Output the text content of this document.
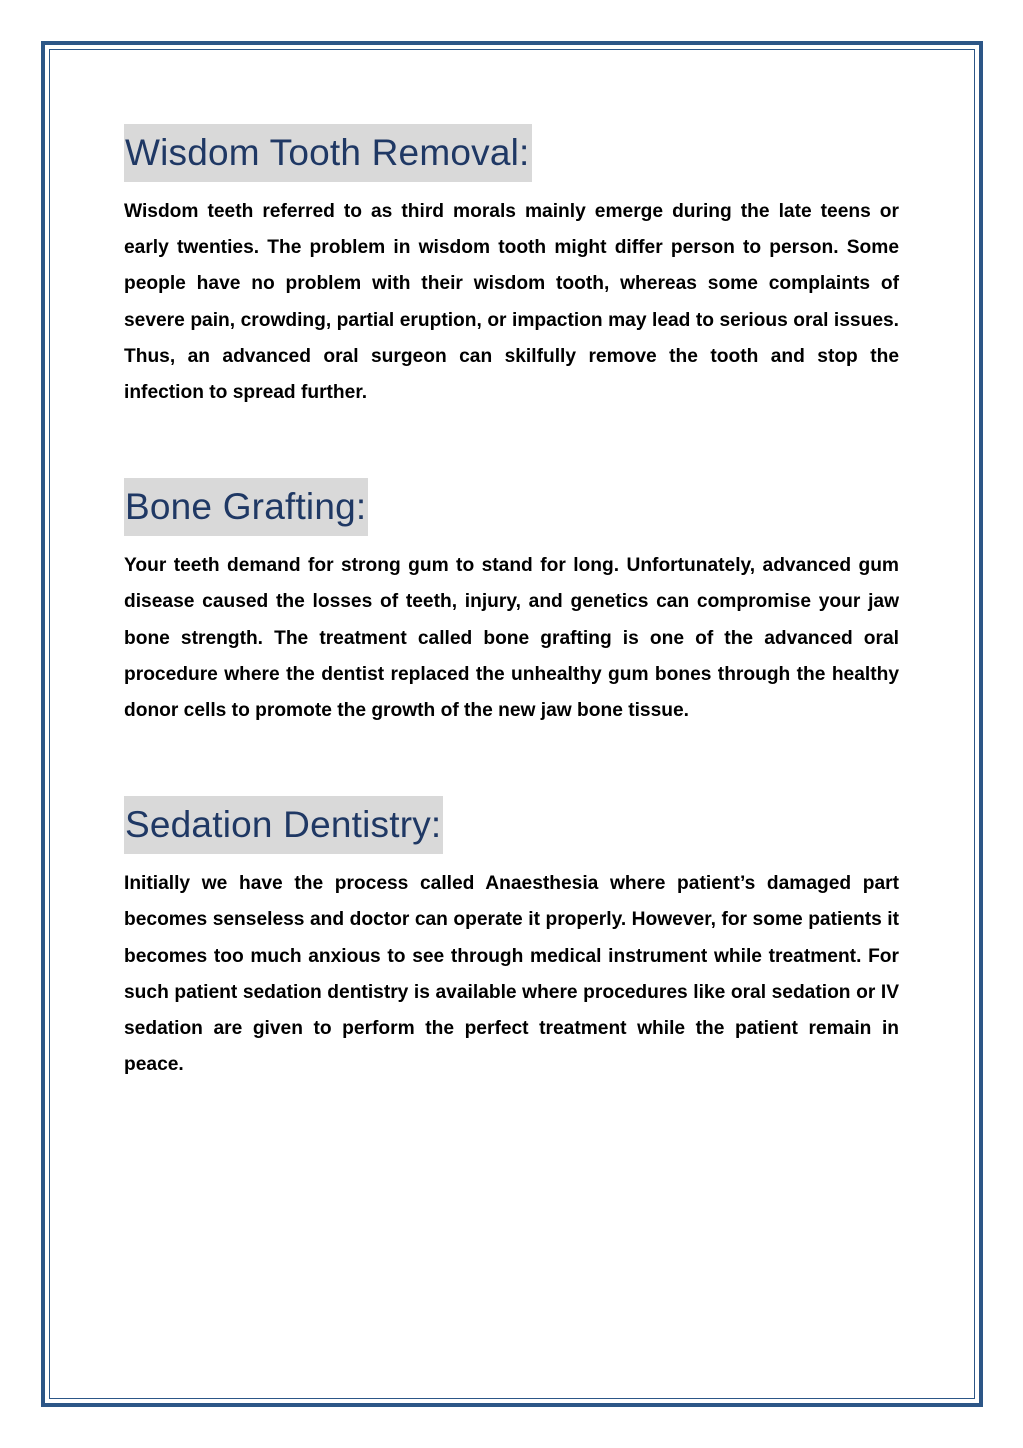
Wisdom Tooth Removal:

Wisdom teeth referred to as third morals mainly emerge during the late teens or early twenties. The problem in wisdom tooth might differ person to person. Some people have no problem with their wisdom tooth, whereas some complaints of severe pain, crowding, partial eruption, or impaction may lead to serious oral issues. Thus, an advanced oral surgeon can skilfully remove the tooth and stop the infection to spread further.

Bone Grafting:

Your teeth demand for strong gum to stand for long. Unfortunately, advanced gum disease caused the losses of teeth, injury, and genetics can compromise your jaw bone strength. The treatment called bone grafting is one of the advanced oral procedure where the dentist replaced the unhealthy gum bones through the healthy donor cells to promote the growth of the new jaw bone tissue.

Sedation Dentistry:

Initially we have the process called Anaesthesia where patient’s damaged part becomes senseless and doctor can operate it properly. However, for some patients it becomes too much anxious to see through medical instrument while treatment. For such patient sedation dentistry is available where procedures like oral sedation or IV sedation are given to perform the perfect treatment while the patient remain in peace.
